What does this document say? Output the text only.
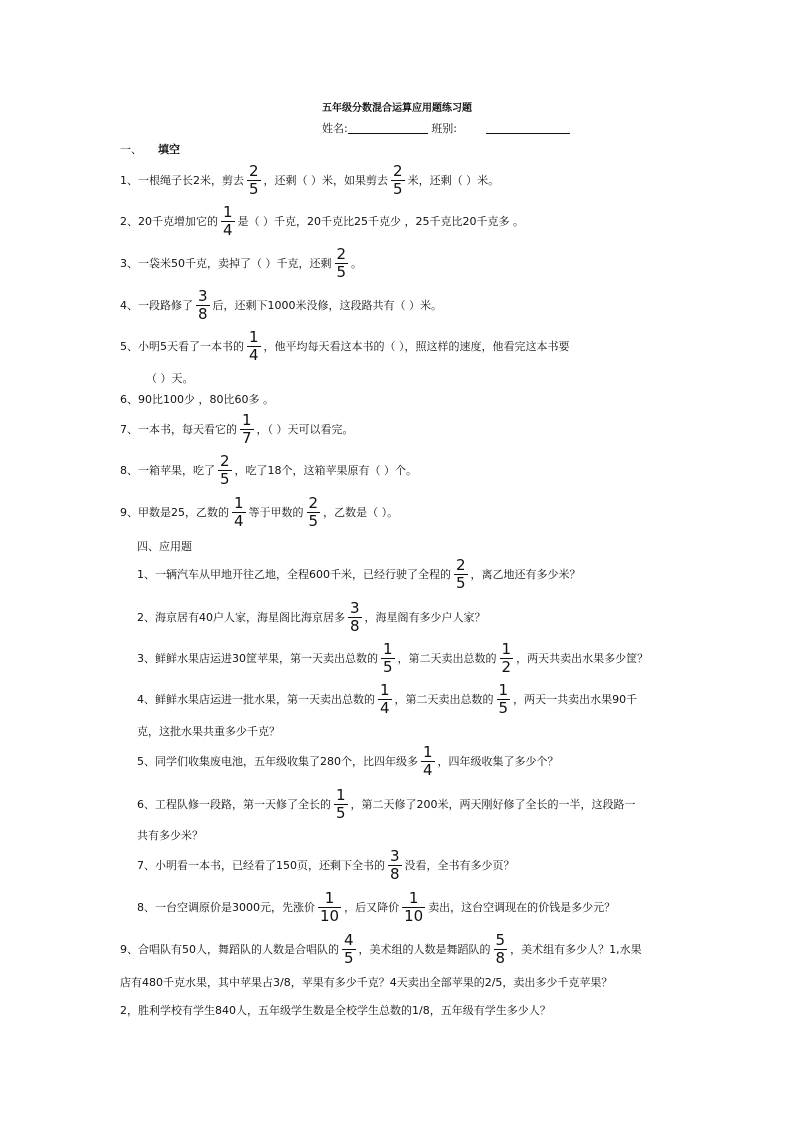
五年级分数混合运算应用题练习题
姓名:	班别:
一、 填空
1、一根绳子长2米，剪去 $\frac{2}{5}$ ，还剩（ ）米，如果剪去 $\frac{2}{5}$ 米，还剩（ ）米。
2、20千克增加它的 $\frac{1}{4}$ 是（ ）千克，20千克比25千克少 ，25千克比20千克多 。
3、一袋米50千克，卖掉了（ ）千克，还剩 $\frac{2}{5}$ 。
4、一段路修了 $\frac{3}{8}$ 后，还剩下1000米没修，这段路共有（ ）米。
5、小明5天看了一本书的 $\frac{1}{4}$ ，他平均每天看这本书的（ ），照这样的速度，他看完这本书要
（ ）天。
6、90比100少 ，80比60多 。
7、一本书，每天看它的 $\frac{1}{7}$ ，（ ）天可以看完。
8、一箱苹果，吃了 $\frac{2}{5}$ ，吃了18个，这箱苹果原有（ ）个。
9、甲数是25，乙数的 $\frac{1}{4}$ 等于甲数的 $\frac{2}{5}$ ，乙数是（ ）。
四、应用题
1、一辆汽车从甲地开往乙地，全程600千米，已经行驶了全程的 $\frac{2}{5}$ ，离乙地还有多少米？
2、海京居有40户人家，海星阁比海京居多 $\frac{3}{8}$ ，海星阁有多少户人家？
3、鲜鲜水果店运进30筐苹果，第一天卖出总数的 $\frac{1}{5}$ ，第二天卖出总数的 $\frac{1}{2}$ ，两天共卖出水果多少筐？
4、鲜鲜水果店运进一批水果，第一天卖出总数的 $\frac{1}{4}$ ，第二天卖出总数的 $\frac{1}{5}$ ，两天一共卖出水果90千
克，这批水果共重多少千克？
5、同学们收集废电池，五年级收集了280个，比四年级多 $\frac{1}{4}$ ，四年级收集了多少个？
6、工程队修一段路，第一天修了全长的 $\frac{1}{5}$ ，第二天修了200米，两天刚好修了全长的一半，这段路一
共有多少米？
7、小明看一本书，已经看了150页，还剩下全书的 $\frac{3}{8}$ 没看，全书有多少页？
8、一台空调原价是3000元，先涨价 $\frac{1}{10}$ ，后又降价 $\frac{1}{10}$ 卖出，这台空调现在的价钱是多少元？
9、合唱队有50人，舞蹈队的人数是合唱队的 $\frac{4}{5}$ ，美术组的人数是舞蹈队的 $\frac{5}{8}$ ，美术组有多少人？1,水果
店有480千克水果，其中苹果占3/8，苹果有多少千克？4天卖出全部苹果的2/5，卖出多少千克苹果？
2，胜利学校有学生840人，五年级学生数是全校学生总数的1/8，五年级有学生多少人？
